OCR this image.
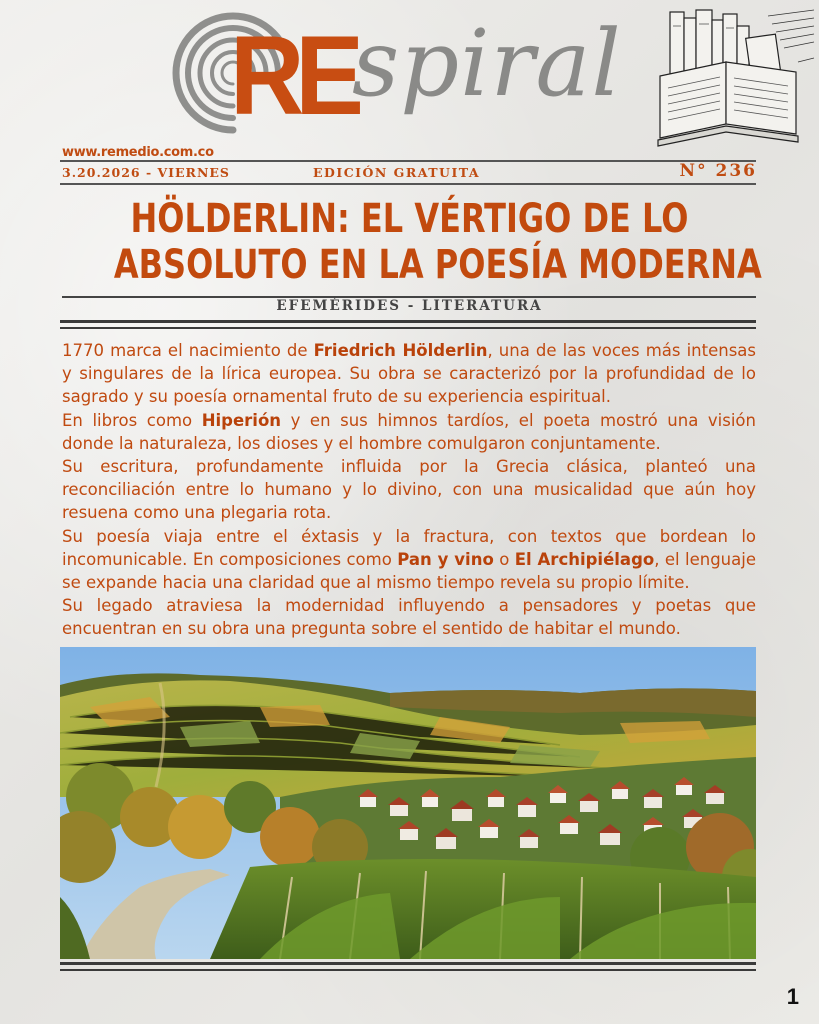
RE
spiral
www.remedio.com.co
3.20.2026 - VIERNES	EDICIÓN GRATUITA	N° 236
HÖLDERLIN: EL VÉRTIGO DE LO
ABSOLUTO EN LA POESÍA MODERNA
EFEMÉRIDES - LITERATURA

1770 marca el nacimiento de Friedrich Hölderlin, una de las voces más intensas y singulares de la lírica europea. Su obra se caracterizó por la profundidad de lo sagrado y su poesía ornamental fruto de su experiencia espiritual.

En libros como Hiperión y en sus himnos tardíos, el poeta mostró una visión donde la naturaleza, los dioses y el hombre comulgaron conjuntamente.

Su escritura, profundamente influida por la Grecia clásica, planteó una reconciliación entre lo humano y lo divino, con una musicalidad que aún hoy resuena como una plegaria rota.

Su poesía viaja entre el éxtasis y la fractura, con textos que bordean lo incomunicable. En composiciones como Pan y vino o El Archipiélago, el lenguaje se expande hacia una claridad que al mismo tiempo revela su propio límite.

Su legado atraviesa la modernidad influyendo a pensadores y poetas que encuentran en su obra una pregunta sobre el sentido de habitar el mundo.

1
